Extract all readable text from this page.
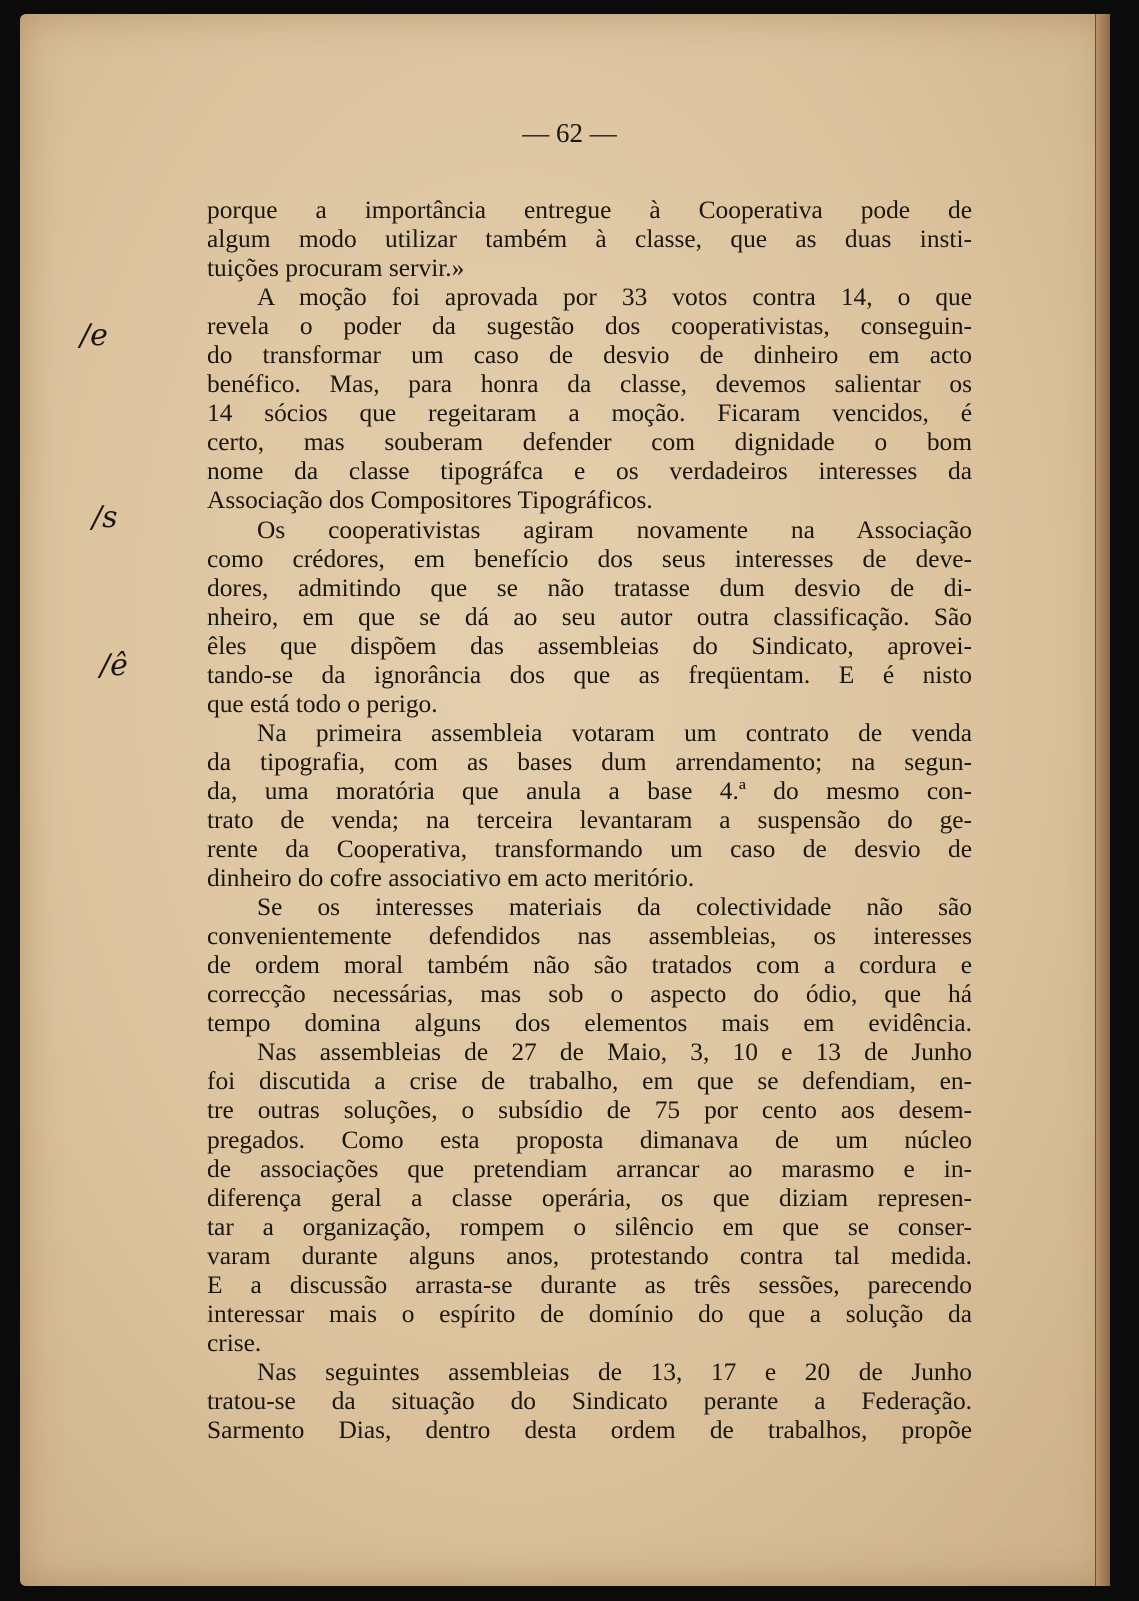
— 62 —
/e
/s
/ê
porque a importância entregue à Cooperativa pode de
algum modo utilizar também à classe, que as duas insti-
tuições procuram servir.»
A moção foi aprovada por 33 votos contra 14, o que
revela o poder da sugestão dos cooperativistas, conseguin-
do transformar um caso de desvio de dinheiro em acto
benéfico. Mas, para honra da classe, devemos salientar os
14 sócios que regeitaram a moção. Ficaram vencidos, é
certo, mas souberam defender com dignidade o bom
nome da classe tipográfca e os verdadeiros interesses da
Associação dos Compositores Tipográficos.
Os cooperativistas agiram novamente na Associação
como crédores, em benefício dos seus interesses de deve-
dores, admitindo que se não tratasse dum desvio de di-
nheiro, em que se dá ao seu autor outra classificação. São
êles que dispõem das assembleias do Sindicato, aprovei-
tando-se da ignorância dos que as freqüentam. E é nisto
que está todo o perigo.
Na primeira assembleia votaram um contrato de venda
da tipografia, com as bases dum arrendamento; na segun-
da, uma moratória que anula a base 4.ª do mesmo con-
trato de venda; na terceira levantaram a suspensão do ge-
rente da Cooperativa, transformando um caso de desvio de
dinheiro do cofre associativo em acto meritório.
Se os interesses materiais da colectividade não são
convenientemente defendidos nas assembleias, os interesses
de ordem moral também não são tratados com a cordura e
correcção necessárias, mas sob o aspecto do ódio, que há
tempo domina alguns dos elementos mais em evidência.
Nas assembleias de 27 de Maio, 3, 10 e 13 de Junho
foi discutida a crise de trabalho, em que se defendiam, en-
tre outras soluções, o subsídio de 75 por cento aos desem-
pregados. Como esta proposta dimanava de um núcleo
de associações que pretendiam arrancar ao marasmo e in-
diferença geral a classe operária, os que diziam represen-
tar a organização, rompem o silêncio em que se conser-
varam durante alguns anos, protestando contra tal medida.
E a discussão arrasta-se durante as três sessões, parecendo
interessar mais o espírito de domínio do que a solução da
crise.
Nas seguintes assembleias de 13, 17 e 20 de Junho
tratou-se da situação do Sindicato perante a Federação.
Sarmento Dias, dentro desta ordem de trabalhos, propõe
